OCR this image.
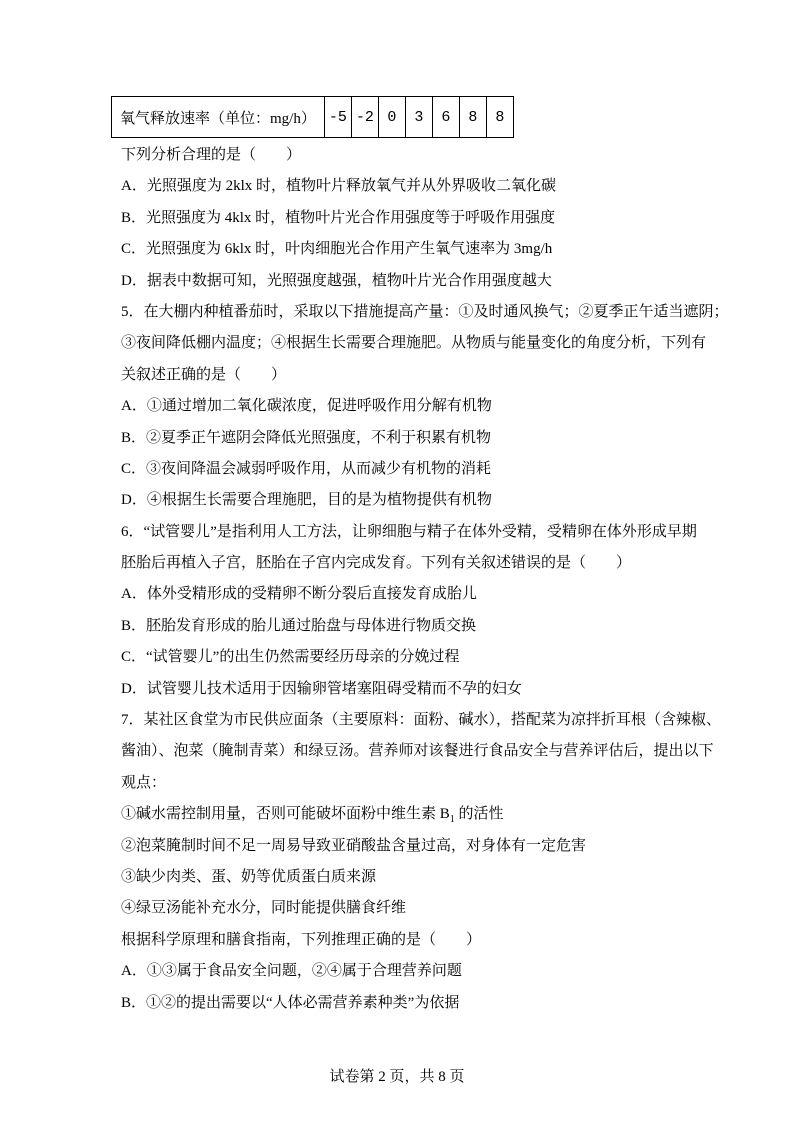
氧气释放速率（单位：mg/h）	-5	-2	0	3	6	8	8

下列分析合理的是（　　）

A．光照强度为 2klx 时，植物叶片释放氧气并从外界吸收二氧化碳

B．光照强度为 4klx 时，植物叶片光合作用强度等于呼吸作用强度

C．光照强度为 6klx 时，叶肉细胞光合作用产生氧气速率为 3mg/h

D．据表中数据可知，光照强度越强，植物叶片光合作用强度越大

5．在大棚内种植番茄时，采取以下措施提高产量：①及时通风换气；②夏季正午适当遮阴；

③夜间降低棚内温度；④根据生长需要合理施肥。从物质与能量变化的角度分析，下列有

关叙述正确的是（　　）

A．①通过增加二氧化碳浓度，促进呼吸作用分解有机物

B．②夏季正午遮阴会降低光照强度，不利于积累有机物

C．③夜间降温会减弱呼吸作用，从而减少有机物的消耗

D．④根据生长需要合理施肥，目的是为植物提供有机物

6．“试管婴儿”是指利用人工方法，让卵细胞与精子在体外受精，受精卵在体外形成早期

胚胎后再植入子宫，胚胎在子宫内完成发育。下列有关叙述错误的是（　　）

A．体外受精形成的受精卵不断分裂后直接发育成胎儿

B．胚胎发育形成的胎儿通过胎盘与母体进行物质交换

C．“试管婴儿”的出生仍然需要经历母亲的分娩过程

D．试管婴儿技术适用于因输卵管堵塞阻碍受精而不孕的妇女

7．某社区食堂为市民供应面条（主要原料：面粉、碱水），搭配菜为凉拌折耳根（含辣椒、

酱油）、泡菜（腌制青菜）和绿豆汤。营养师对该餐进行食品安全与营养评估后，提出以下

观点：

①碱水需控制用量，否则可能破坏面粉中维生素 $B_1$ 的活性

②泡菜腌制时间不足一周易导致亚硝酸盐含量过高，对身体有一定危害

③缺少肉类、蛋、奶等优质蛋白质来源

④绿豆汤能补充水分，同时能提供膳食纤维

根据科学原理和膳食指南，下列推理正确的是（　　）

A．①③属于食品安全问题，②④属于合理营养问题

B．①②的提出需要以“人体必需营养素种类”为依据

试卷第 2 页，共 8 页
